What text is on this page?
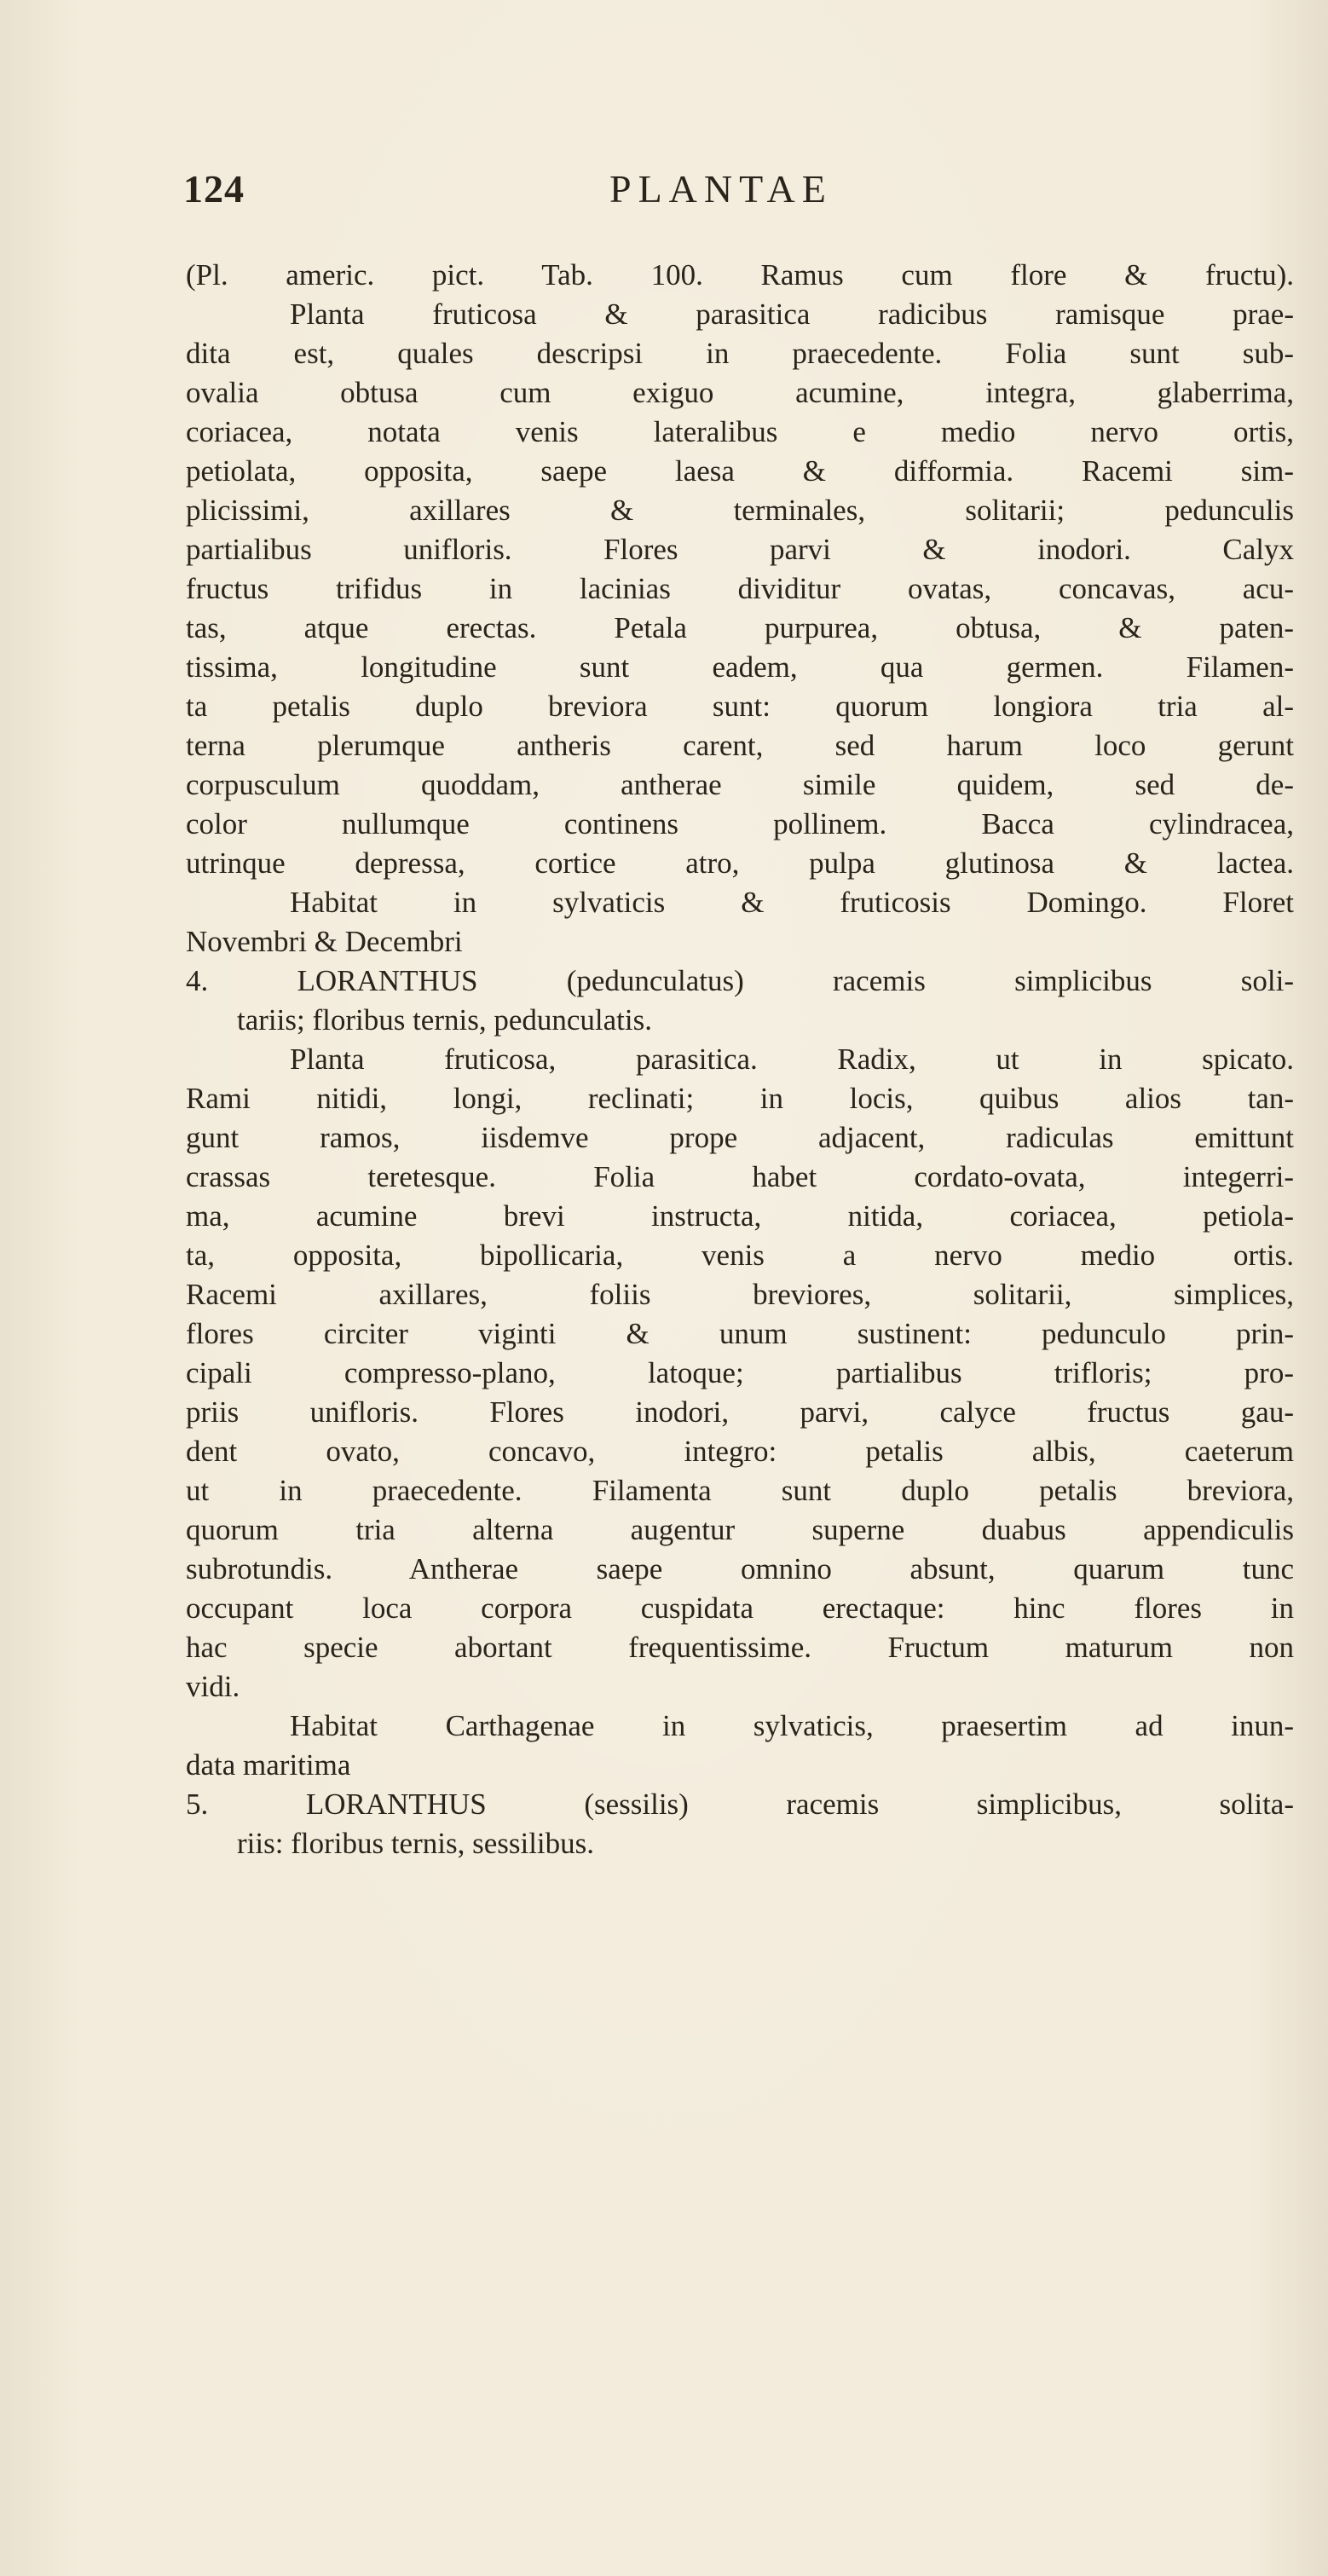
124	PLANTAE
(Pl. americ. pict. Tab. 100. Ramus cum flore & fructu).
Planta fruticosa & parasitica radicibus ramisque prae-
dita est, quales descripsi in praecedente. Folia sunt sub-
ovalia obtusa cum exiguo acumine, integra, glaberrima,
coriacea, notata venis lateralibus e medio nervo ortis,
petiolata, opposita, saepe laesa & difformia. Racemi sim-
plicissimi, axillares & terminales, solitarii; pedunculis
partialibus unifloris. Flores parvi & inodori. Calyx
fructus trifidus in lacinias dividitur ovatas, concavas, acu-
tas, atque erectas. Petala purpurea, obtusa, & paten-
tissima, longitudine sunt eadem, qua germen. Filamen-
ta petalis duplo breviora sunt: quorum longiora tria al-
terna plerumque antheris carent, sed harum loco gerunt
corpusculum quoddam, antherae simile quidem, sed de-
color nullumque continens pollinem. Bacca cylindracea,
utrinque depressa, cortice atro, pulpa glutinosa & lactea.
Habitat in sylvaticis & fruticosis Domingo. Floret
Novembri & Decembri
4. LORANTHUS (pedunculatus) racemis simplicibus soli-
tariis; floribus ternis, pedunculatis.
Planta fruticosa, parasitica. Radix, ut in spicato.
Rami nitidi, longi, reclinati; in locis, quibus alios tan-
gunt ramos, iisdemve prope adjacent, radiculas emittunt
crassas teretesque. Folia habet cordato-ovata, integerri-
ma, acumine brevi instructa, nitida, coriacea, petiola-
ta, opposita, bipollicaria, venis a nervo medio ortis.
Racemi axillares, foliis breviores, solitarii, simplices,
flores circiter viginti & unum sustinent: pedunculo prin-
cipali compresso-plano, latoque; partialibus trifloris; pro-
priis unifloris. Flores inodori, parvi, calyce fructus gau-
dent ovato, concavo, integro: petalis albis, caeterum
ut in praecedente. Filamenta sunt duplo petalis breviora,
quorum tria alterna augentur superne duabus appendiculis
subrotundis. Antherae saepe omnino absunt, quarum tunc
occupant loca corpora cuspidata erectaque: hinc flores in
hac specie abortant frequentissime. Fructum maturum non
vidi.
Habitat Carthagenae in sylvaticis, praesertim ad inun-
data maritima
5. LORANTHUS (sessilis) racemis simplicibus, solita-
riis: floribus ternis, sessilibus.
